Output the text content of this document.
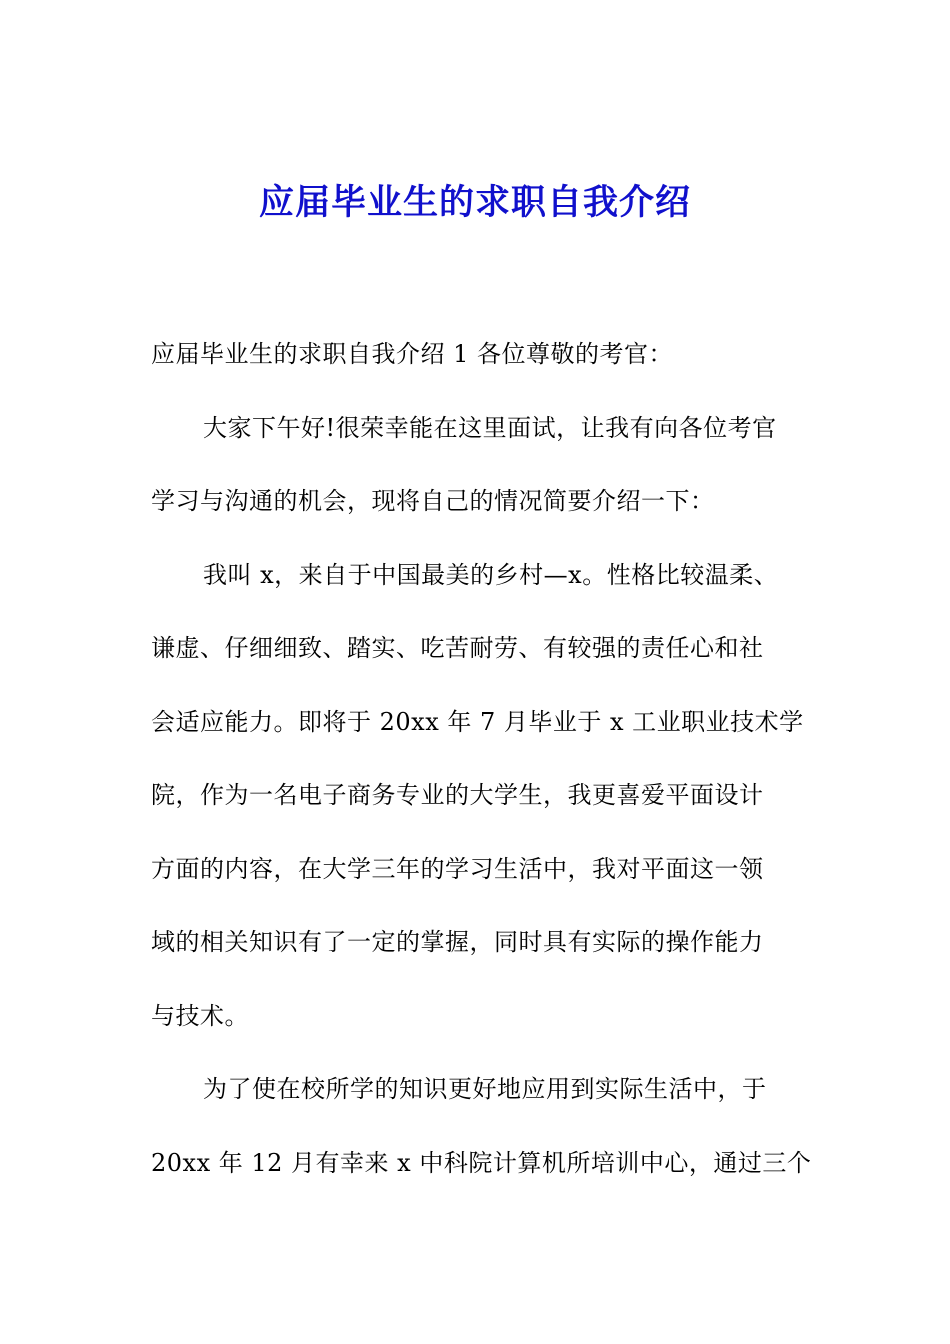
应届毕业生的求职自我介绍
应届毕业生的求职自我介绍 1 各位尊敬的考官：
大家下午好!很荣幸能在这里面试，让我有向各位考官
学习与沟通的机会，现将自己的情况简要介绍一下：
我叫 x，来自于中国最美的乡村—x。性格比较温柔、
谦虚、仔细细致、踏实、吃苦耐劳、有较强的责任心和社
会适应能力。即将于 20xx 年 7 月毕业于 x 工业职业技术学
院，作为一名电子商务专业的大学生，我更喜爱平面设计
方面的内容，在大学三年的学习生活中，我对平面这一领
域的相关知识有了一定的掌握，同时具有实际的操作能力
与技术。
为了使在校所学的知识更好地应用到实际生活中，于
20xx 年 12 月有幸来 x 中科院计算机所培训中心，通过三个
